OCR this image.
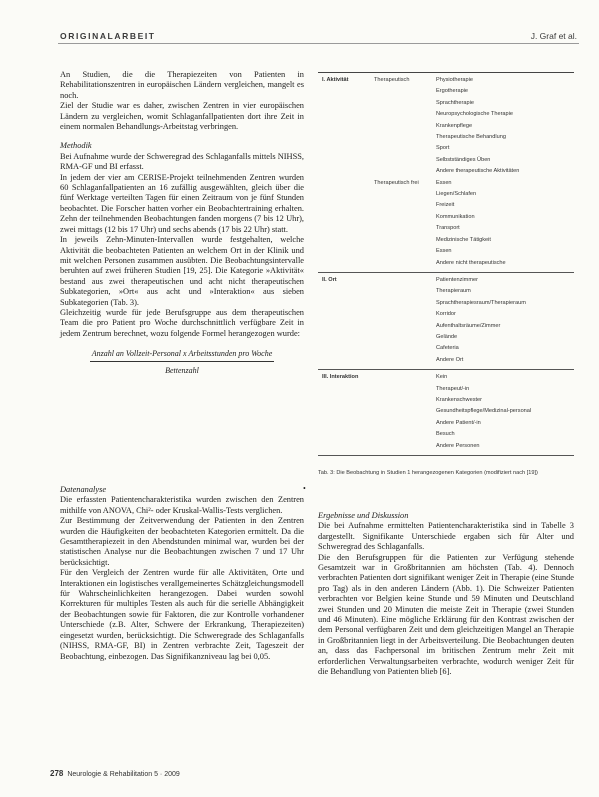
ORIGINALARBEIT	J. Graf et al.

An Studien, die die Therapiezeiten von Patienten in Rehabilitationszentren in europäischen Ländern vergleichen, mangelt es noch.

Ziel der Studie war es daher, zwischen Zentren in vier europäischen Ländern zu vergleichen, womit Schlaganfallpatienten dort ihre Zeit in einem normalen Behandlungs-Arbeitstag verbringen.

Methodik

Bei Aufnahme wurde der Schweregrad des Schlaganfalls mittels NIHSS, RMA-GF und BI erfasst.

In jedem der vier am CERISE-Projekt teilnehmenden Zentren wurden 60 Schlaganfallpatienten an 16 zufällig ausgewählten, gleich über die fünf Werktage verteilten Tagen für einen Zeitraum von je fünf Stunden beobachtet. Die Forscher hatten vorher ein Beobachtertraining erhalten. Zehn der teilnehmenden Beobachtungen fanden morgens (7 bis 12 Uhr), zwei mittags (12 bis 17 Uhr) und sechs abends (17 bis 22 Uhr) statt.

In jeweils Zehn-Minuten-Intervallen wurde festgehalten, welche Aktivität die beobachteten Patienten an welchem Ort in der Klinik und mit welchen Personen zusammen ausübten. Die Beobachtungsintervalle beruhten auf zwei früheren Studien [19, 25]. Die Kategorie »Aktivität« bestand aus zwei therapeutischen und acht nicht therapeutischen Subkategorien, »Ort« aus acht und »Interaktion« aus sieben Subkategorien (Tab. 3).

Gleichzeitig wurde für jede Berufsgruppe aus dem therapeutischen Team die pro Patient pro Woche durchschnittlich verfügbare Zeit in jedem Zentrum berechnet, wozu folgende Formel herangezogen wurde:

Anzahl an Vollzeit-Personal x Arbeitsstunden pro Woche
Bettenzahl
•

Datenanalyse

Die erfassten Patientencharakteristika wurden zwischen den Zentren mithilfe von ANOVA, Chi²- oder Kruskal-Wallis-Tests verglichen.

Zur Bestimmung der Zeitverwendung der Patienten in den Zentren wurden die Häufigkeiten der beobachteten Kategorien ermittelt. Da die Gesamttherapiezeit in den Abendstunden minimal war, wurden bei der statistischen Analyse nur die Beobachtungen zwischen 7 und 17 Uhr berücksichtigt.

Für den Vergleich der Zentren wurde für alle Aktivitäten, Orte und Interaktionen ein logistisches verallgemeinertes Schätzgleichungsmodell für Wahrscheinlichkeiten herangezogen. Dabei wurden sowohl Korrekturen für multiples Testen als auch für die serielle Abhängigkeit der Beobachtungen sowie für Faktoren, die zur Kontrolle vorhandener Unterschiede (z.B. Alter, Schwere der Erkrankung, Therapiezeiten) eingesetzt wurden, berücksichtigt. Die Schweregrade des Schlaganfalls (NIHSS, RMA-GF, BI) in Zentren verbrachte Zeit, Tageszeit der Beobachtung, einbezogen. Das Signifikanzniveau lag bei 0,05.

I. Aktivität	Therapeutisch	Physiotherapie
Ergotherapie
Sprachtherapie
Neuropsychologische Therapie
Krankenpflege
Therapeutische Behandlung
Sport
Selbstständiges Üben
Andere therapeutische Aktivitäten
Therapeutisch frei	Essen
Liegen/Schlafen
Freizeit
Kommunikation
Transport
Medizinische Tätigkeit
Essen
Andere nicht therapeutische
II. Ort	Patientenzimmer
Therapieraum
Sprachtherapiesraum/Therapieraum
Korridor
Aufenthaltsräume/Zimmer
Gelände
Cafeteria
Andere Ort
III. Interaktion	Kein
Therapeut/-in
Krankenschwester
Gesundheitspflege/Medizinal-personal
Andere Patient/-in
Besuch
Andere Personen
Tab. 3: Die Beobachtung in Studien 1 herangezogenen Kategorien (modifiziert nach [19])

Ergebnisse und Diskussion

Die bei Aufnahme ermittelten Patientencharakteristika sind in Tabelle 3 dargestellt. Signifikante Unterschiede ergaben sich für Alter und Schweregrad des Schlaganfalls.

Die den Berufsgruppen für die Patienten zur Verfügung stehende Gesamtzeit war in Großbritannien am höchsten (Tab. 4). Dennoch verbrachten Patienten dort signifikant weniger Zeit in Therapie (eine Stunde pro Tag) als in den anderen Ländern (Abb. 1). Die Schweizer Patienten verbrachten vor Belgien keine Stunde und 59 Minuten und Deutschland zwei Stunden und 20 Minuten die meiste Zeit in Therapie (zwei Stunden und 46 Minuten). Eine mögliche Erklärung für den Kontrast zwischen der dem Personal verfügbaren Zeit und dem gleichzeitigen Mangel an Therapie in Großbritannien liegt in der Arbeitsverteilung. Die Beobachtungen deuten an, dass das Fachpersonal im britischen Zentrum mehr Zeit mit erforderlichen Verwaltungsarbeiten verbrachte, wodurch weniger Zeit für die Behandlung von Patienten blieb [6].

278 Neurologie & Rehabilitation 5 · 2009
